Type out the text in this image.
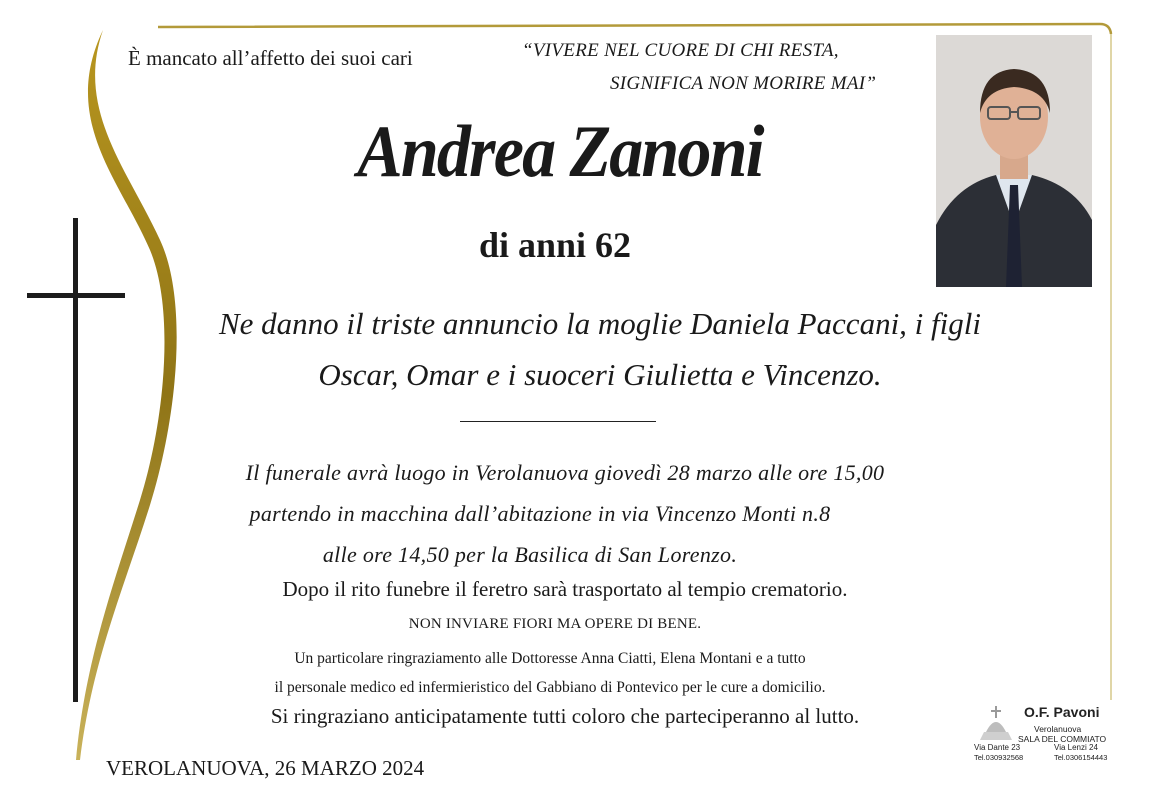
È mancato all’affetto dei suoi cari	“VIVERE NEL CUORE DI CHI RESTA,
SIGNIFICA NON MORIRE MAI”
Andrea Zanoni
di anni 62
Ne danno il triste annuncio la moglie Daniela Paccani, i figli
Oscar, Omar e i suoceri Giulietta e Vincenzo.
Il funerale avrà luogo in Verolanuova giovedì 28 marzo alle ore 15,00
partendo in macchina dall’abitazione in via Vincenzo Monti n.8
alle ore 14,50 per la Basilica di San Lorenzo.
Dopo il rito funebre il feretro sarà trasportato al tempio crematorio.
NON INVIARE FIORI MA OPERE DI BENE.
Un particolare ringraziamento alle Dottoresse Anna Ciatti, Elena Montani e a tutto
il personale medico ed infermieristico del Gabbiano di Pontevico per le cure a domicilio.
Si ringraziano anticipatamente tutti coloro che parteciperanno al lutto.
VEROLANUOVA, 26 MARZO 2024
O.F. Pavoni
Verolanuova
SALA DEL COMMIATO
Via Dante 23
Tel.030932568
Via Lenzi 24
Tel.0306154443
